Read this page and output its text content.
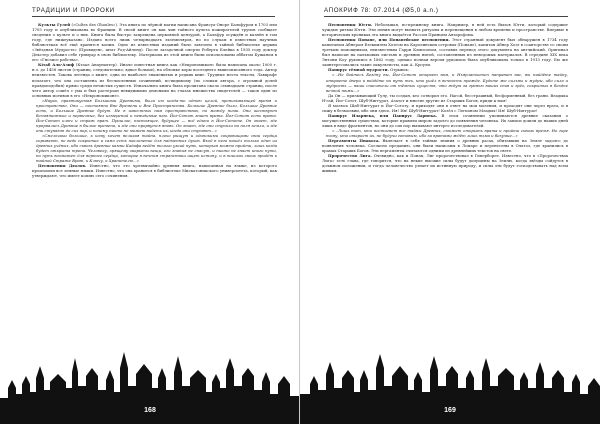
ТРАДИЦИИ И ПРОРОКИ

Культы Гулей («Cultes des Ghoules»). Эта книга по чёрной магии написана Франсуа-Оноре Бальфуром в 1703 или 1705 году и опубликована во Франции. В своей книге он как чин тайного культа пожирателей трупов сообщает сведения о культе и о них. Книга была быстро запрещена церковной цензурой, а Бальфур осуждён и казнён в том году, где нижеуказано. Издано всего лишь четырнадцать экземпляров, но по слухам в известных научных библиотеках всё ещё хранятся копии. Одно из известных изданий было завезено в тайной библиотеке церкви «Звёздная Мудрость» (Провиденс, штат Род-Айленд). После загадочной смерти Роберта Блейка в 1935 году доктор Декстер добавил себе гримуар в свою библиотеку. Материалы из этой книги были использованы аббатом Бушаном в его «Гнозисе рабства».

Кітаб Аль-Азиф (Ктаал Анаунахтер). Иначе известная книга как «Некрономикон» была написана около 1000 г. н.э. до 1458 листов (страниц, следовательно, вдвое больше), на обломке коры последнего вышеописанного года. Автор неизвестен. Такова легенда о книге, одна из наиболее знаменитых и редких книг. Трудные места тексты, Лавкрафт полагает, что она составлена из бесчисленных сочинений, по-видимому (по словам автора, с огромной долей правдоподобия) прямо среди нечистых существ. Изначально книга была прочитана около семнадцати страниц, после чего автор сошёл с ума и был растерзан невидимыми демонами на глазах множества свидетелей — таков один из основных мотивов в его «Некрономиконе».

«Наука, практикуемая Большими Древними, была им когда-то одною целой, пронизывающей время и пространство. Они — постоянно Вне Времени и Вне Пространства. Большие Древние были, Большие Древние есть, и Большие Древние будут. Не в известных нам пространствах, но между ними. Они шествуют безмятежные и первичные, без измерений и невидимые нам. Йог-Сотот знает врата. Йог-Сотот есть врата. Йог-Сотот ключ и страж врат. Прошлое, настоящее, будущее — всё едино в Йог-Сототе. Он знает, где прорвались Древние в былые времена, и где они прорвутся вновь. Он знает, где они ступали на поля земли, и где они ступают до сих пор, и почему никто не может видеть их, когда они ступают...»

«Смельчаки большие, к кому хочет великая тайна, плохо рыщут и одинокими сокровищами свои сердца скрывают, но ведь сокрытие и само есть поклонение для надменных духов. Вход в него нашёл только один из древних учёных, ибо сквозь древние камни Кадафа ведёт только узкий путь, которым можно прийти, лишь когда будет открыта тропа. Человеку, зрящему закрыты вещи, его знания не спасут, и никто не знает иного пути, но путь возможен для верного сердца, которое в вечном странствии ищет истину, и в поисках своих придёт к тайной Страже Врат, к Ключу, к Хранителю...»

Песнопения Дхолов. Известно, что это чрезвычайно древняя книга, написанная на языке, из которого произошли все земные языки. Известно, что она хранится в библиотеке Мискатоникского университета, который, как утверждают, что имеет копию сего сочинения.

168
АПОКРИФ 78: 07.2014 (Ø5,0 a.n.)

Песнопения Югги. Небольшая, по-прежнему книга. Например, в ней есть Вызов Югги, который содержит чуждые ритмы Югги. Эти пения могут вызвать ритуалы и перемещения в любом времени и пространстве. Впервые в исторических хрониках эта книга выдаётся Рассом Принцем Автарофома.

Песнопения Понапе, или Понапейские песнопения. Этот странный документ был обнаружен в 1734 году капитаном Абнером Езекиилем Хоэгом на Каролинских островах (Понапе), капитан Абнер Хоэг в соавторстве со своим третьим помощником, неизвестным Гарри Кэмпсоном, составил перевод этого документа на английский. Оригинал был написан на пальмовых листьях и древних нитей, составленных из неведомых материалов. В середине XIX века Энтони Коу рукопись в 1862 году, однако полная версия рукописи была опубликована только в 1913 году. Ею же заинтересовались такие оккультисты, как А. Кроули.

Папирус тёмной мудрости. Отрывок:

«...Не бойтесь Бездну вы, Йог-Сотот откроет вам, и Ньярлатхотеп направит вас, вы найдёте тайну, откроете двери и войдёте на путь тех, кто ушёл в вечность прежде. Будьте же сильны и мудры, ибо сила и мудрость — ваши спасители от тёмных существ, что ждут за гранью ваших снов и грёз, сокрытых в бездне вечной тьмы...»

Да Он — призывающий Тулу, ты создан, кто сотворил его. Нагой, бесстрашный, бесформенный, без грани. Владыка Н'гай, Йог-Сотот, Шуб-Ниггурат, Азатот и многие другие из Старших Богов, приди к нам!

Я молюсь Шаб-Ниггурат и Йог-Сототу, и приходят они в ответ на мои моления, и проходят они через врата, и я сижу в безмолвии, ибо они здесь. Ия! Ия! Шуб-Ниггурат! Козёл с Легионом Младых! Ия! Шуб-Ниггурат!

Папирус Иларнека, или Папирус Ларнека. В этом сочинении упоминаются древние сказания о могущественных существах, которые правили миром задолго до появления человека. Их записи дошли до наших дней лишь в виде фрагментов, но они до сих пор вызывают интерес исследователей.

«...Лишь тот, кто постигнет все тайны Древних, сможет открыть врата и пройти сквозь время. Но горе тому, кто откроет их, не будучи готовым, ибо за вратами ждёт лишь тьма и безумие...»

Пергаменты Пнакоса. Включает в себя тайные знания о древних расах, обитавших на Земле задолго до появления человека. Согласно преданию, они были написаны в Ломаре и перенесены в Олатоэ, где хранились в храмах Старших Богов. Эти пергаменты считаются одними из древнейших текстов на свете.

Пророчество Лига. Очевидно, как и Понап, Лиг пророчествовал в Гиперборее. Известно, что в «Пророчествах Лига» есть глава, где говорится, что на некие высшие силы будут допущены на Землю, когда звёзды сойдутся в должном положении, и тогда человечество узнает их истинную природу, и силы эти будут господствовать над всем живым.

169
